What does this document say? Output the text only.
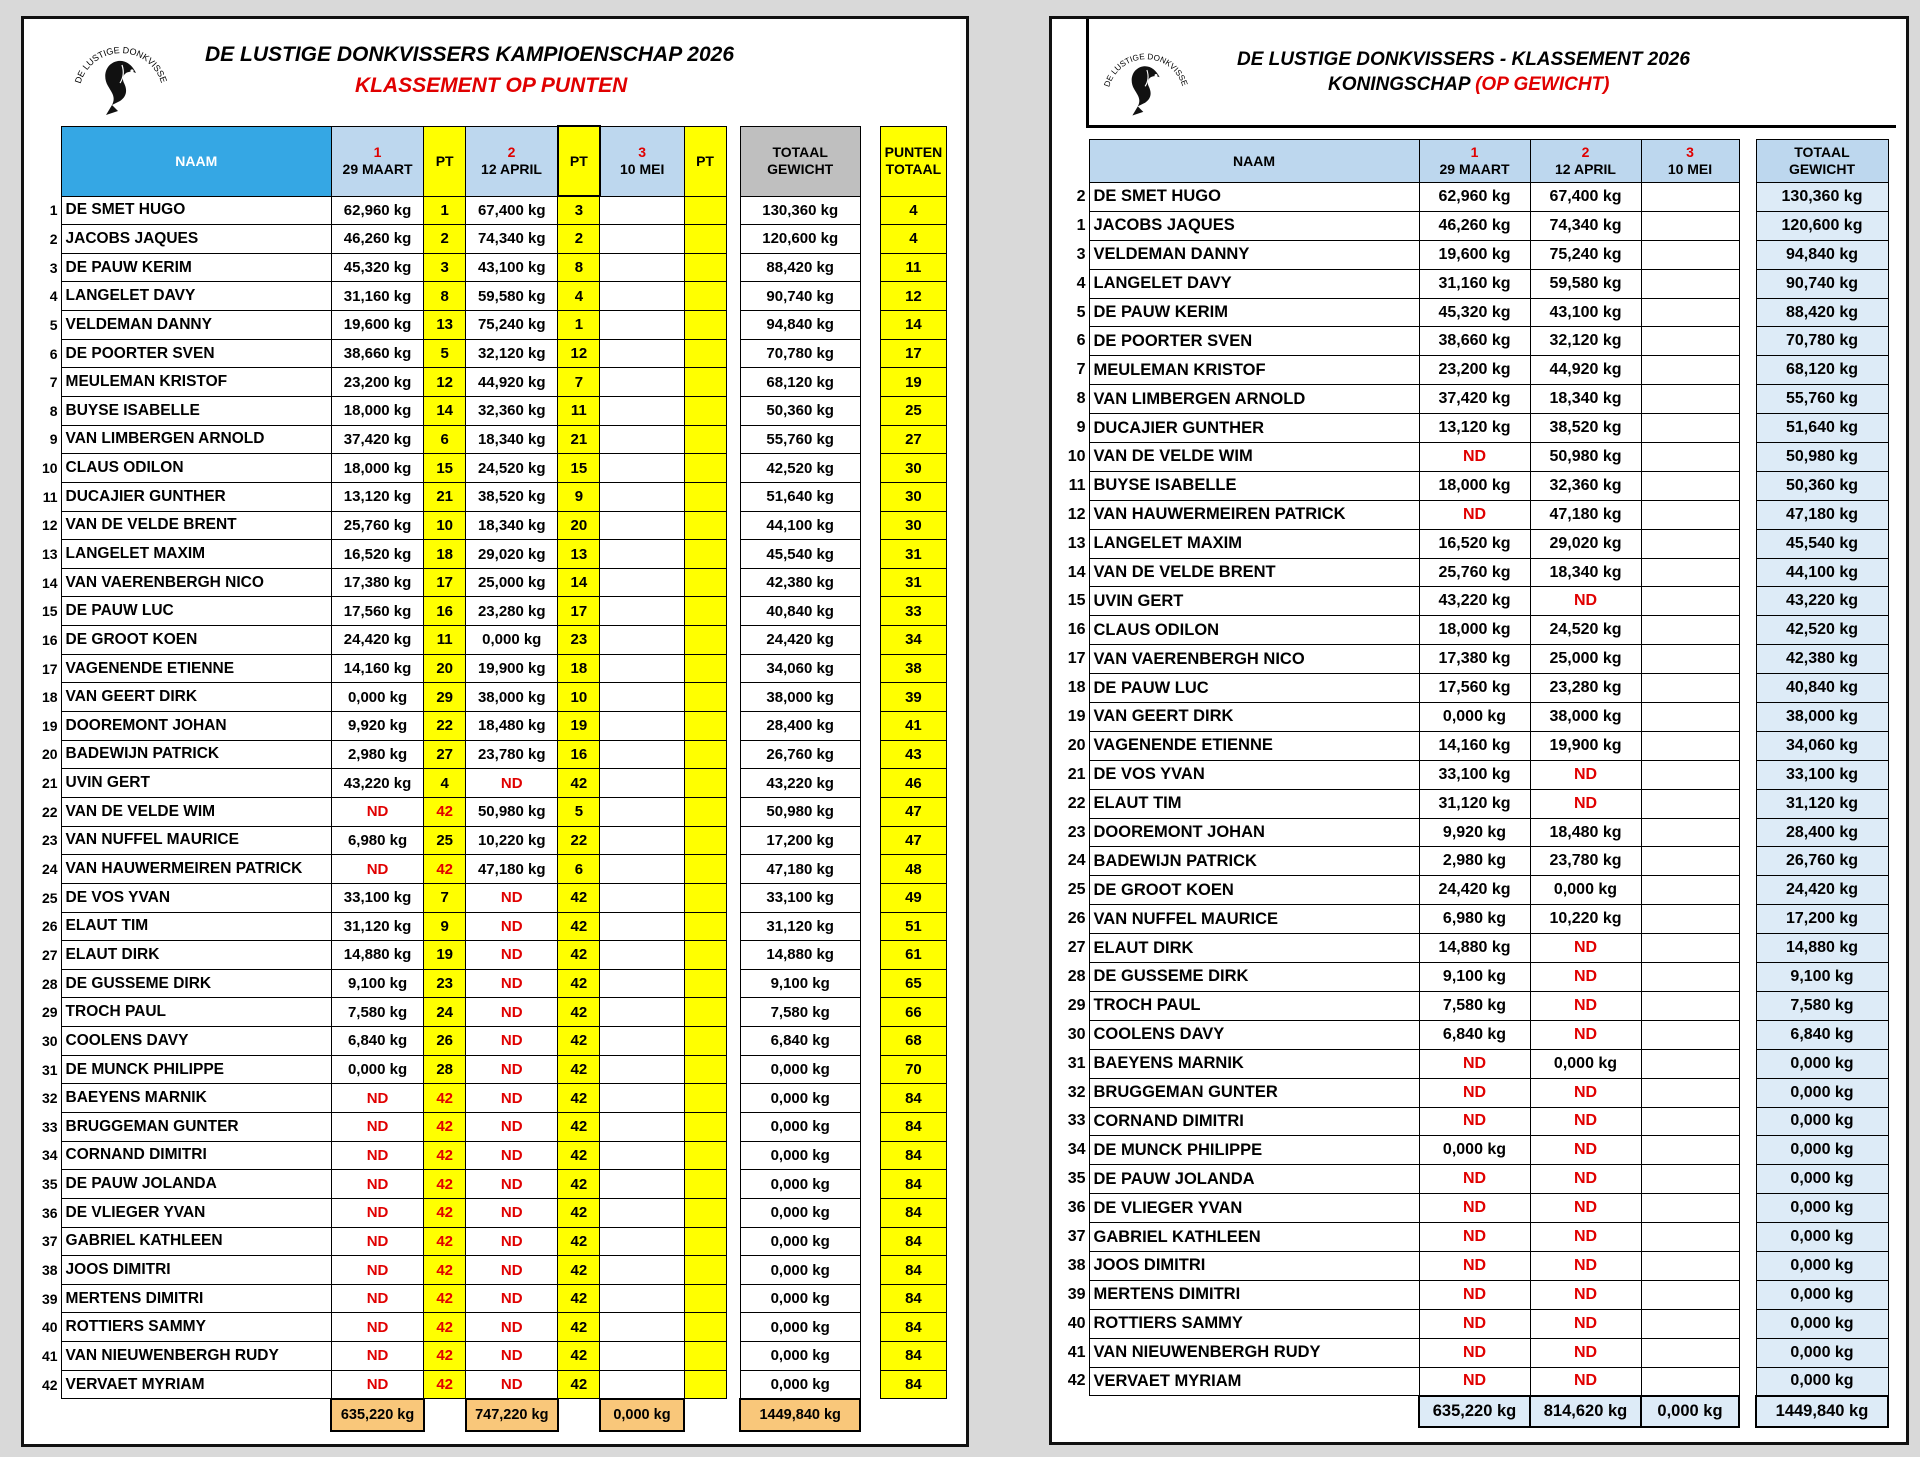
DE LUSTIGE DONKVISSE
DE LUSTIGE DONKVISSERS KAMPIOENSCHAP 2026
KLASSEMENT OP PUNTEN
	NAAM	1
29 MAART	PT	2
12 APRIL	PT	3
10 MEI	PT		TOTAAL
GEWICHT		PUNTEN
TOTAAL
1	DE SMET HUGO	62,960 kg	1	67,400 kg	3				130,360 kg		4
2	JACOBS JAQUES	46,260 kg	2	74,340 kg	2				120,600 kg		4
3	DE PAUW KERIM	45,320 kg	3	43,100 kg	8				88,420 kg		11
4	LANGELET DAVY	31,160 kg	8	59,580 kg	4				90,740 kg		12
5	VELDEMAN DANNY	19,600 kg	13	75,240 kg	1				94,840 kg		14
6	DE POORTER SVEN	38,660 kg	5	32,120 kg	12				70,780 kg		17
7	MEULEMAN KRISTOF	23,200 kg	12	44,920 kg	7				68,120 kg		19
8	BUYSE ISABELLE	18,000 kg	14	32,360 kg	11				50,360 kg		25
9	VAN LIMBERGEN ARNOLD	37,420 kg	6	18,340 kg	21				55,760 kg		27
10	CLAUS ODILON	18,000 kg	15	24,520 kg	15				42,520 kg		30
11	DUCAJIER GUNTHER	13,120 kg	21	38,520 kg	9				51,640 kg		30
12	VAN DE VELDE BRENT	25,760 kg	10	18,340 kg	20				44,100 kg		30
13	LANGELET MAXIM	16,520 kg	18	29,020 kg	13				45,540 kg		31
14	VAN VAERENBERGH NICO	17,380 kg	17	25,000 kg	14				42,380 kg		31
15	DE PAUW LUC	17,560 kg	16	23,280 kg	17				40,840 kg		33
16	DE GROOT KOEN	24,420 kg	11	0,000 kg	23				24,420 kg		34
17	VAGENENDE ETIENNE	14,160 kg	20	19,900 kg	18				34,060 kg		38
18	VAN GEERT DIRK	0,000 kg	29	38,000 kg	10				38,000 kg		39
19	DOOREMONT JOHAN	9,920 kg	22	18,480 kg	19				28,400 kg		41
20	BADEWIJN PATRICK	2,980 kg	27	23,780 kg	16				26,760 kg		43
21	UVIN GERT	43,220 kg	4	ND	42				43,220 kg		46
22	VAN DE VELDE WIM	ND	42	50,980 kg	5				50,980 kg		47
23	VAN NUFFEL MAURICE	6,980 kg	25	10,220 kg	22				17,200 kg		47
24	VAN HAUWERMEIREN PATRICK	ND	42	47,180 kg	6				47,180 kg		48
25	DE VOS YVAN	33,100 kg	7	ND	42				33,100 kg		49
26	ELAUT TIM	31,120 kg	9	ND	42				31,120 kg		51
27	ELAUT DIRK	14,880 kg	19	ND	42				14,880 kg		61
28	DE GUSSEME DIRK	9,100 kg	23	ND	42				9,100 kg		65
29	TROCH PAUL	7,580 kg	24	ND	42				7,580 kg		66
30	COOLENS DAVY	6,840 kg	26	ND	42				6,840 kg		68
31	DE MUNCK PHILIPPE	0,000 kg	28	ND	42				0,000 kg		70
32	BAEYENS MARNIK	ND	42	ND	42				0,000 kg		84
33	BRUGGEMAN GUNTER	ND	42	ND	42				0,000 kg		84
34	CORNAND DIMITRI	ND	42	ND	42				0,000 kg		84
35	DE PAUW JOLANDA	ND	42	ND	42				0,000 kg		84
36	DE VLIEGER YVAN	ND	42	ND	42				0,000 kg		84
37	GABRIEL KATHLEEN	ND	42	ND	42				0,000 kg		84
38	JOOS DIMITRI	ND	42	ND	42				0,000 kg		84
39	MERTENS DIMITRI	ND	42	ND	42				0,000 kg		84
40	ROTTIERS SAMMY	ND	42	ND	42				0,000 kg		84
41	VAN NIEUWENBERGH RUDY	ND	42	ND	42				0,000 kg		84
42	VERVAET MYRIAM	ND	42	ND	42				0,000 kg		84
		635,220 kg		747,220 kg		0,000 kg			1449,840 kg		
DE LUSTIGE DONKVISSE
DE LUSTIGE DONKVISSERS - KLASSEMENT 2026
KONINGSCHAP (OP GEWICHT)
	NAAM	1
29 MAART	2
12 APRIL	3
10 MEI		TOTAAL
GEWICHT
2	DE SMET HUGO	62,960 kg	67,400 kg			130,360 kg
1	JACOBS JAQUES	46,260 kg	74,340 kg			120,600 kg
3	VELDEMAN DANNY	19,600 kg	75,240 kg			94,840 kg
4	LANGELET DAVY	31,160 kg	59,580 kg			90,740 kg
5	DE PAUW KERIM	45,320 kg	43,100 kg			88,420 kg
6	DE POORTER SVEN	38,660 kg	32,120 kg			70,780 kg
7	MEULEMAN KRISTOF	23,200 kg	44,920 kg			68,120 kg
8	VAN LIMBERGEN ARNOLD	37,420 kg	18,340 kg			55,760 kg
9	DUCAJIER GUNTHER	13,120 kg	38,520 kg			51,640 kg
10	VAN DE VELDE WIM	ND	50,980 kg			50,980 kg
11	BUYSE ISABELLE	18,000 kg	32,360 kg			50,360 kg
12	VAN HAUWERMEIREN PATRICK	ND	47,180 kg			47,180 kg
13	LANGELET MAXIM	16,520 kg	29,020 kg			45,540 kg
14	VAN DE VELDE BRENT	25,760 kg	18,340 kg			44,100 kg
15	UVIN GERT	43,220 kg	ND			43,220 kg
16	CLAUS ODILON	18,000 kg	24,520 kg			42,520 kg
17	VAN VAERENBERGH NICO	17,380 kg	25,000 kg			42,380 kg
18	DE PAUW LUC	17,560 kg	23,280 kg			40,840 kg
19	VAN GEERT DIRK	0,000 kg	38,000 kg			38,000 kg
20	VAGENENDE ETIENNE	14,160 kg	19,900 kg			34,060 kg
21	DE VOS YVAN	33,100 kg	ND			33,100 kg
22	ELAUT TIM	31,120 kg	ND			31,120 kg
23	DOOREMONT JOHAN	9,920 kg	18,480 kg			28,400 kg
24	BADEWIJN PATRICK	2,980 kg	23,780 kg			26,760 kg
25	DE GROOT KOEN	24,420 kg	0,000 kg			24,420 kg
26	VAN NUFFEL MAURICE	6,980 kg	10,220 kg			17,200 kg
27	ELAUT DIRK	14,880 kg	ND			14,880 kg
28	DE GUSSEME DIRK	9,100 kg	ND			9,100 kg
29	TROCH PAUL	7,580 kg	ND			7,580 kg
30	COOLENS DAVY	6,840 kg	ND			6,840 kg
31	BAEYENS MARNIK	ND	0,000 kg			0,000 kg
32	BRUGGEMAN GUNTER	ND	ND			0,000 kg
33	CORNAND DIMITRI	ND	ND			0,000 kg
34	DE MUNCK PHILIPPE	0,000 kg	ND			0,000 kg
35	DE PAUW JOLANDA	ND	ND			0,000 kg
36	DE VLIEGER YVAN	ND	ND			0,000 kg
37	GABRIEL KATHLEEN	ND	ND			0,000 kg
38	JOOS DIMITRI	ND	ND			0,000 kg
39	MERTENS DIMITRI	ND	ND			0,000 kg
40	ROTTIERS SAMMY	ND	ND			0,000 kg
41	VAN NIEUWENBERGH RUDY	ND	ND			0,000 kg
42	VERVAET MYRIAM	ND	ND			0,000 kg
		635,220 kg	814,620 kg	0,000 kg		1449,840 kg
